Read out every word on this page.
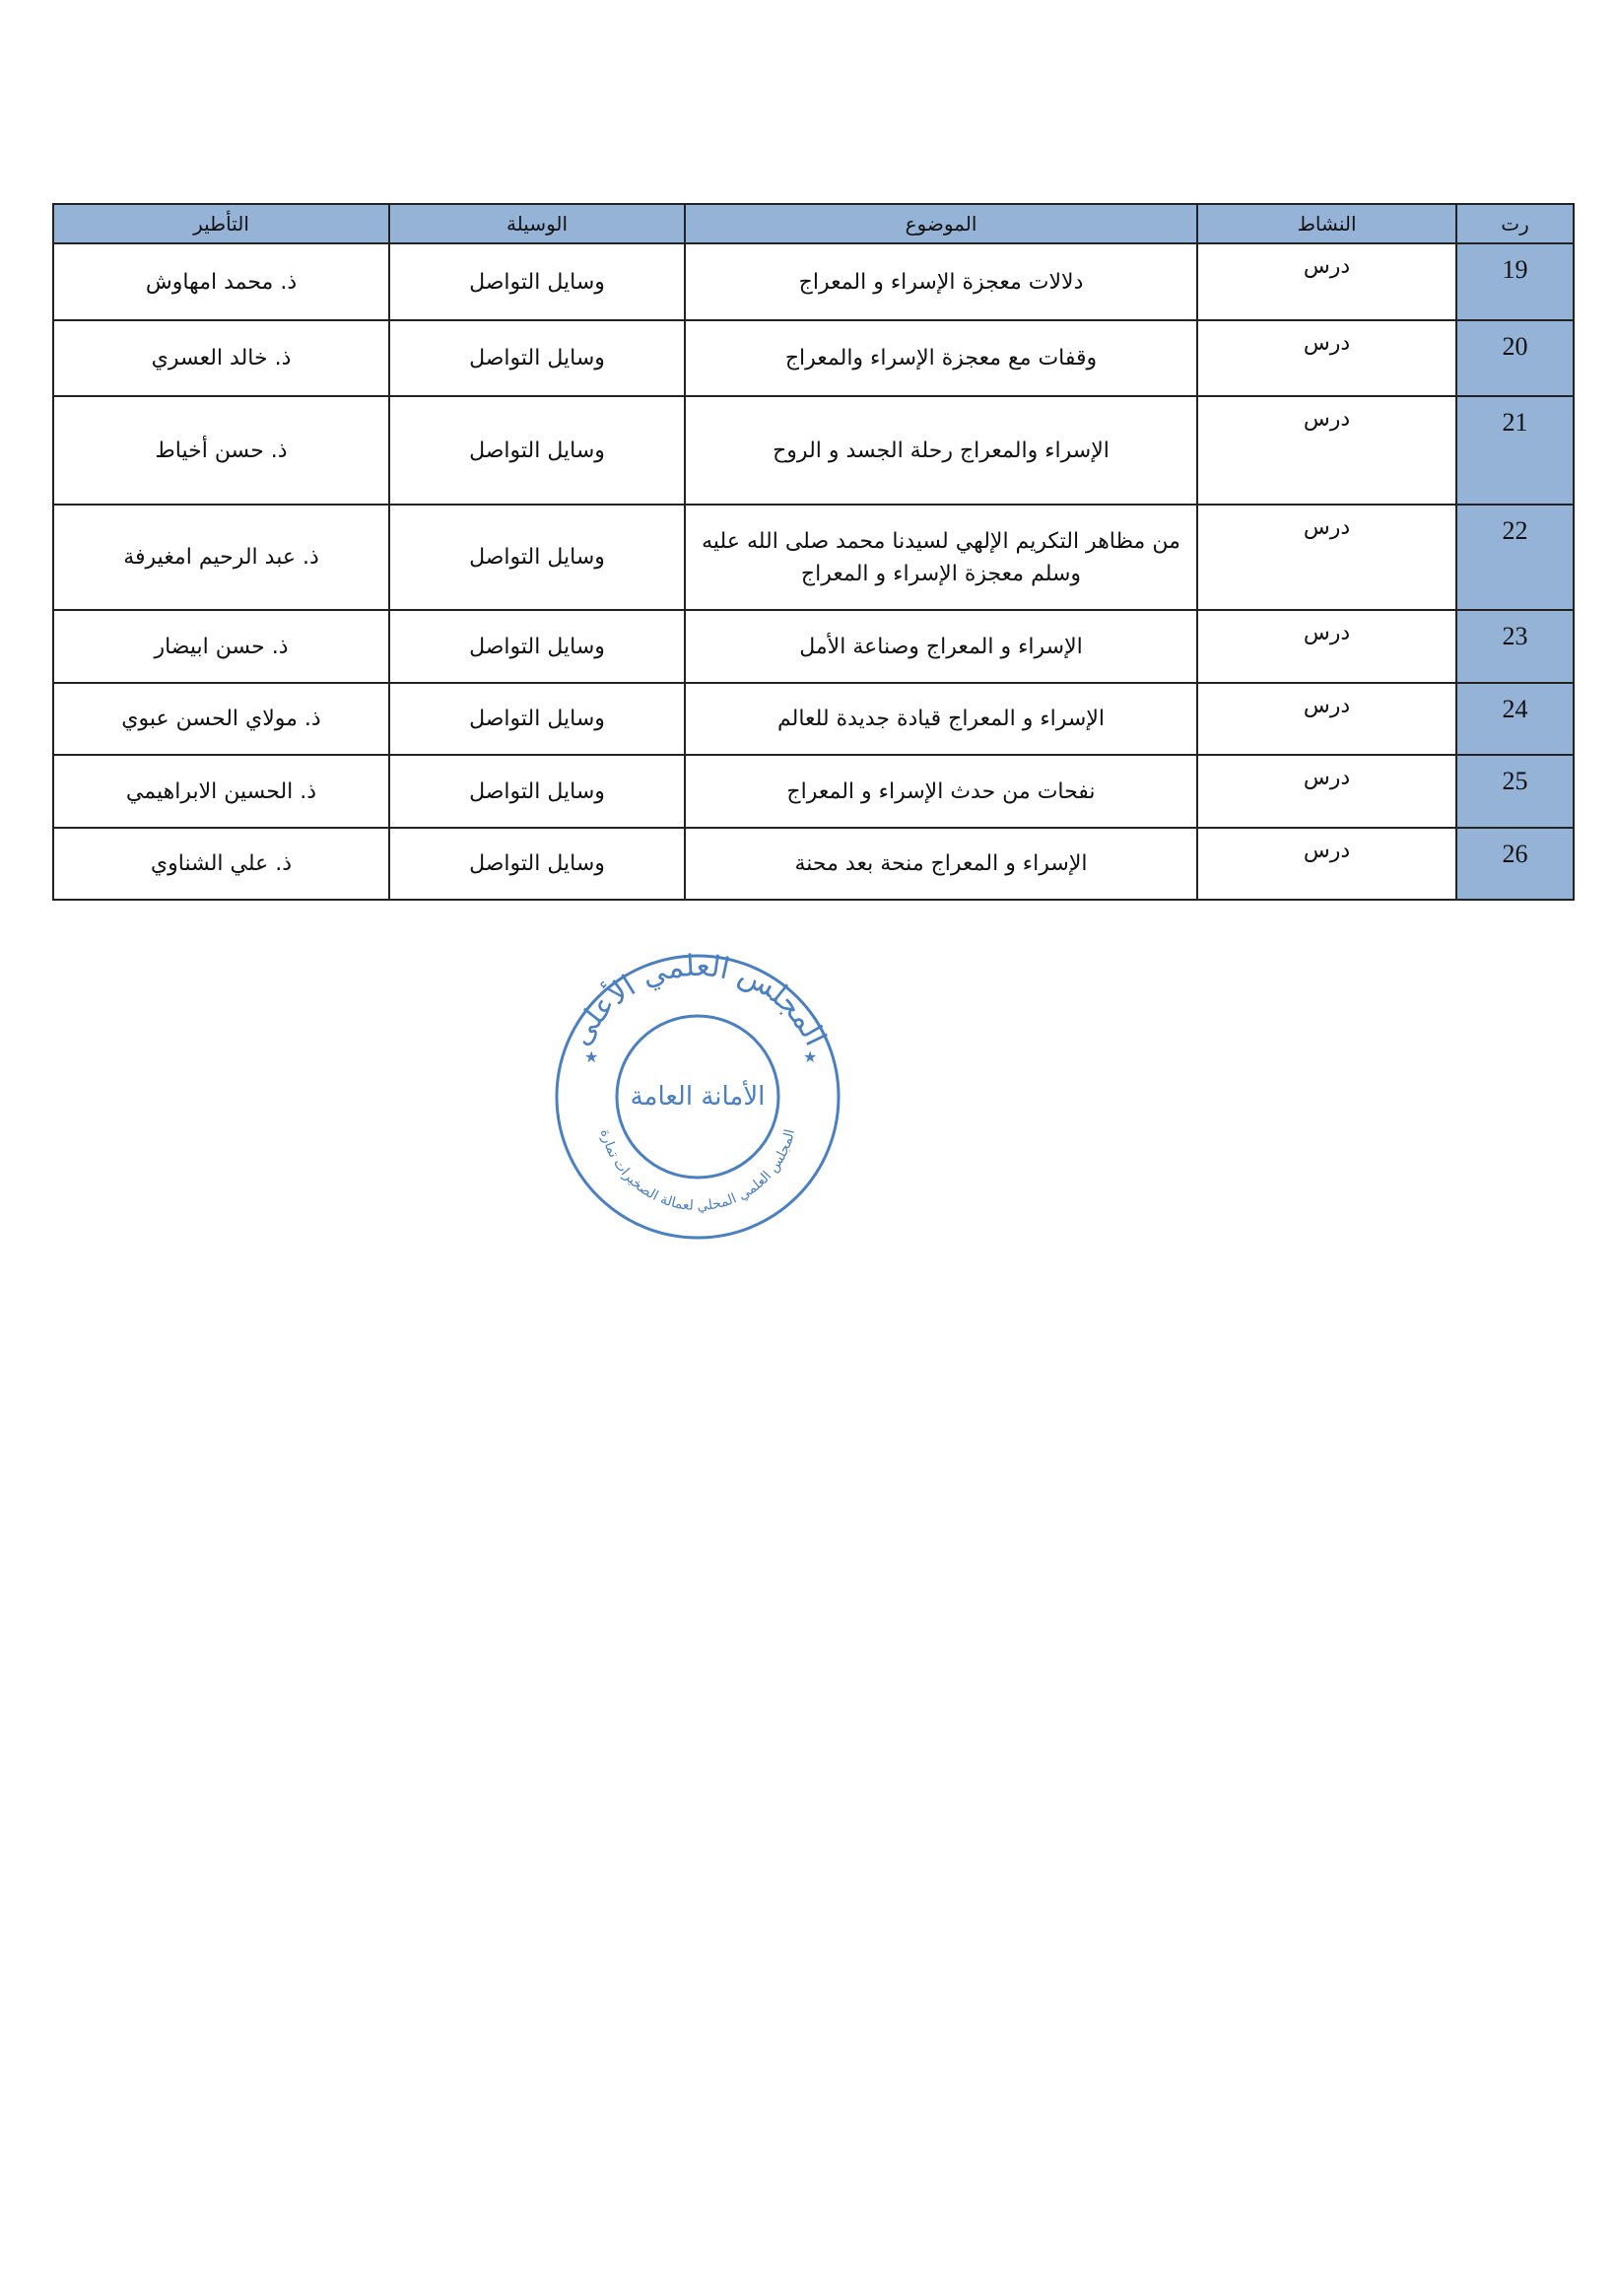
رت	النشاط	الموضوع	الوسيلة	التأطير
19	درس	دلالات معجزة الإسراء و المعراج	وسايل التواصل	ذ. محمد امهاوش
20	درس	وقفات مع معجزة الإسراء والمعراج	وسايل التواصل	ذ. خالد العسري
21	درس	الإسراء والمعراج رحلة الجسد و الروح	وسايل التواصل	ذ. حسن أخياط
22	درس	من مظاهر التكريم الإلهي لسيدنا محمد صلى الله عليه وسلم معجزة الإسراء و المعراج	وسايل التواصل	ذ. عبد الرحيم امغيرفة
23	درس	الإسراء و المعراج وصناعة الأمل	وسايل التواصل	ذ. حسن ابيضار
24	درس	الإسراء و المعراج قيادة جديدة للعالم	وسايل التواصل	ذ. مولاي الحسن عبوي
25	درس	نفحات من حدث الإسراء و المعراج	وسايل التواصل	ذ. الحسين الابراهيمي
26	درس	الإسراء و المعراج منحة بعد محنة	وسايل التواصل	ذ. علي الشناوي
المجلس العلمي الأعلى
المجلس العلمي المحلي لعمالة الصخيرات تمارة
★	★
الأمانة العامة
